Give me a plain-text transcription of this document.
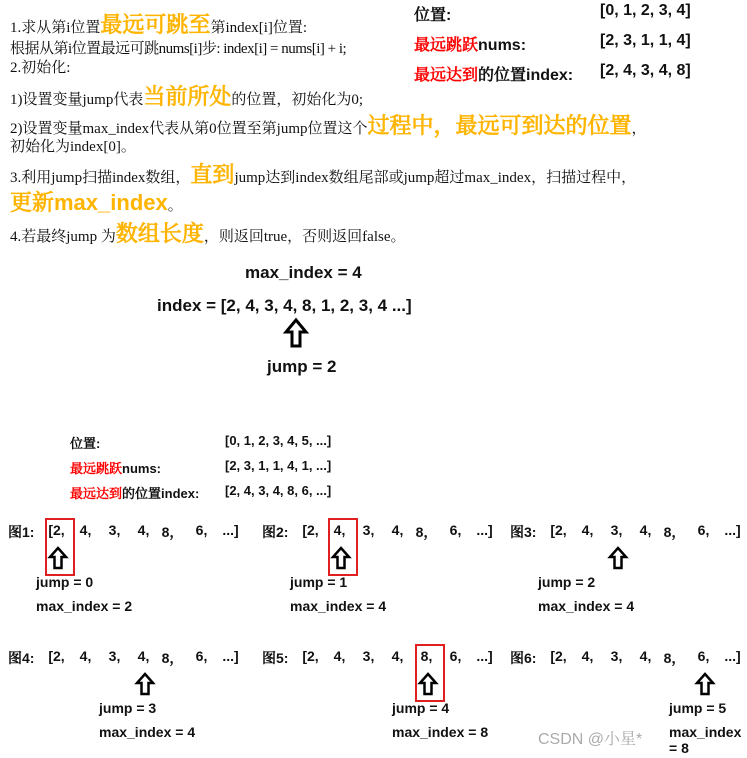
1.求从第i位置最远可跳至第index[i]位置:
根据从第i位置最远可跳nums[i]步: index[i] = nums[i] + i;
2.初始化:
1)设置变量jump代表当前所处的位置，初始化为0;
2)设置变量max_index代表从第0位置至第jump位置这个过程中，最远可到达的位置，
初始化为index[0]。
3.利用jump扫描index数组，直到jump达到index数组尾部或jump超过max_index，扫描过程中，
更新max_index。
4.若最终jump 为数组长度，则返回true，否则返回false。
位置:	[0, 1, 2, 3, 4]
最远跳跃nums:	[2, 3, 1, 1, 4]
最远达到的位置index: [2, 4, 3, 4, 8]
max_index = 4
index = [2, 4, 3, 4, 8, 1, 2, 3, 4 ...]
jump = 2
位置:	[0, 1, 2, 3, 4, 5, ...]
最远跳跃nums:	[2, 3, 1, 1, 4, 1, ...]
最远达到的位置index: [2, 4, 3, 4, 8, 6, ...]
图1: [2,	4,	3,	4, 8， 6,	...]
jump = 0
max_index = 2
图2: [2,	4,	3,	4, 8， 6,	...]
jump = 1
max_index = 4
图3: [2,	4,	3,	4, 8， 6,	...]
jump = 2
max_index = 4
图4: [2,	4,	3,	4, 8， 6,	...]
jump = 3
max_index = 4
图5: [2,	4,	3,	4,	8,	6,	...]
jump = 4
max_index = 8
图6: [2,	4,	3,	4, 8， 6,	...]
jump = 5
max_index = 8
CSDN @小星*
